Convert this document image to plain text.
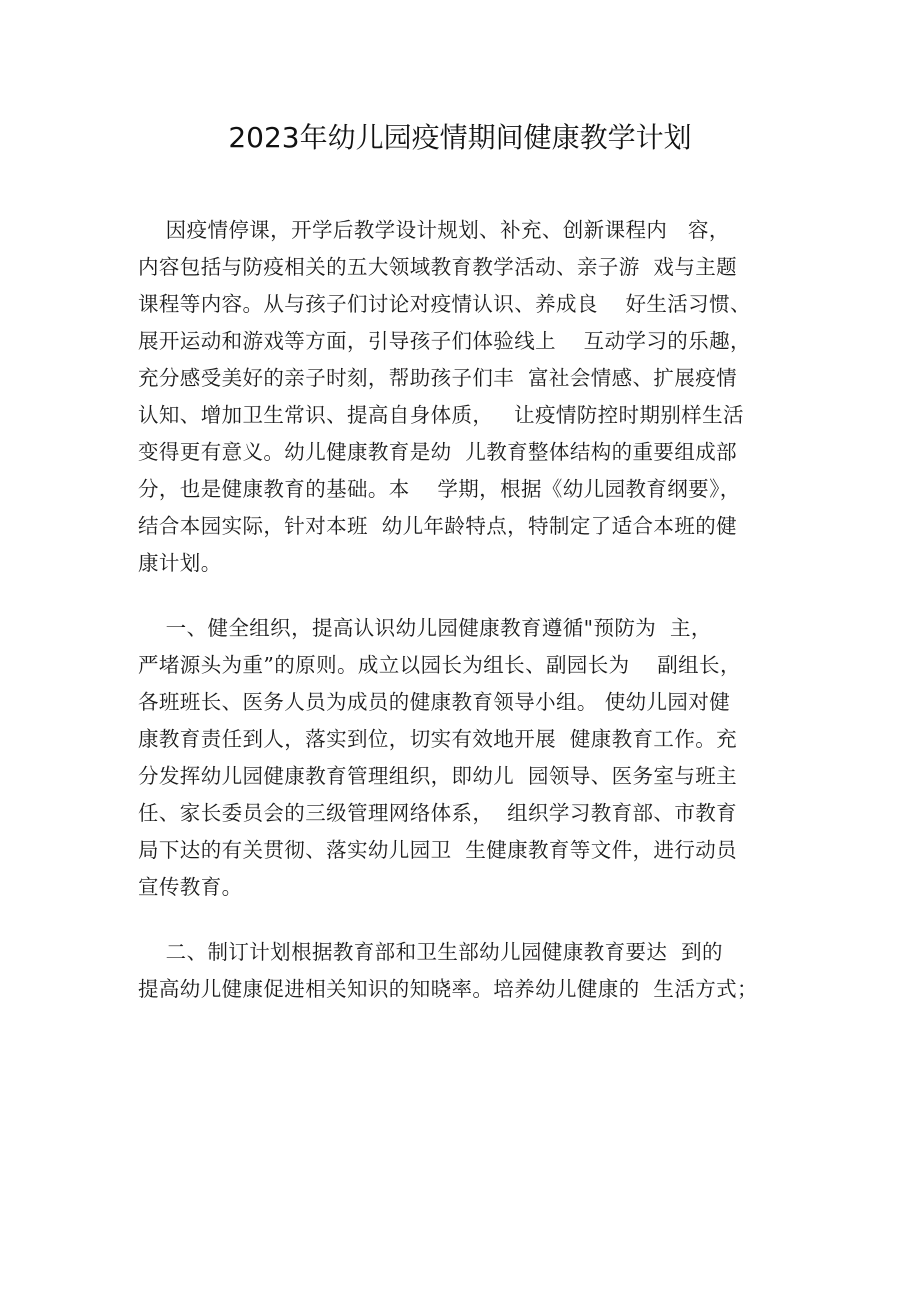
2023年幼儿园疫情期间健康教学计划
因疫情停课，开学后教学设计规划、补充、创新课程内   容，
内容包括与防疫相关的五大领域教育教学活动、亲子游  戏与主题
课程等内容。从与孩子们讨论对疫情认识、养成良    好生活习惯、
展开运动和游戏等方面，引导孩子们体验线上    互动学习的乐趣，
充分感受美好的亲子时刻，帮助孩子们丰  富社会情感、扩展疫情
认知、增加卫生常识、提高自身体质，   让疫情防控时期别样生活
变得更有意义。幼儿健康教育是幼  儿教育整体结构的重要组成部
分，也是健康教育的基础。本    学期，根据《幼儿园教育纲要》，
结合本园实际，针对本班  幼儿年龄特点，特制定了适合本班的健
康计划。
一、健全组织，提高认识幼儿园健康教育遵循"预防为  主，
严堵源头为重”的原则。成立以园长为组长、副园长为    副组长，
各班班长、医务人员为成员的健康教育领导小组。 使幼儿园对健
康教育责任到人，落实到位，切实有效地开展  健康教育工作。充
分发挥幼儿园健康教育管理组织，即幼儿  园领导、医务室与班主
任、家长委员会的三级管理网络体系，  组织学习教育部、市教育
局下达的有关贯彻、落实幼儿园卫  生健康教育等文件，进行动员
宣传教育。
二、制订计划根据教育部和卫生部幼儿园健康教育要达  到的
提高幼儿健康促进相关知识的知晓率。培养幼儿健康的  生活方式；
